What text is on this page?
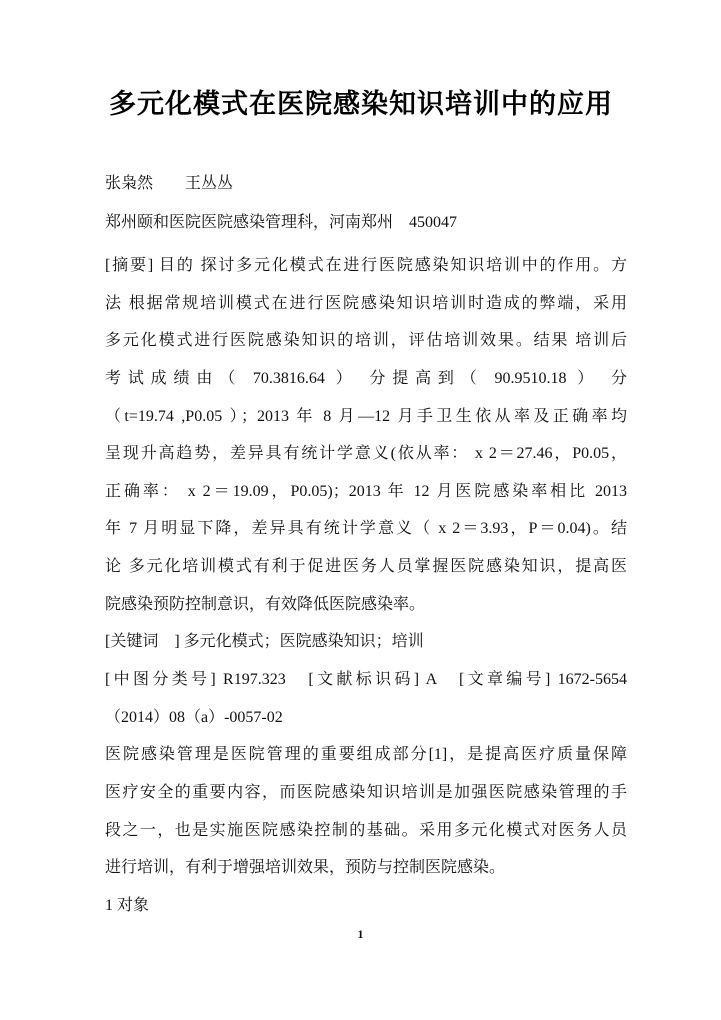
多元化模式在医院感染知识培训中的应用
张枭然　　王丛丛
郑州颐和医院医院感染管理科，河南郑州　450047
[摘要] 目的 探讨多元化模式在进行医院感染知识培训中的作用。方
法 根据常规培训模式在进行医院感染知识培训时造成的弊端，采用
多元化模式进行医院感染知识的培训，评估培训效果。结果 培训后
考试成绩由（ 70.3816.64 ） 分提高到（ 90.9510.18 ） 分
（t=19.74 ,P0.05 ）；2013 年 8 月—12 月手卫生依从率及正确率均
呈现升高趋势，差异具有统计学意义(依从率： x 2＝27.46，P0.05，
正确率： x 2＝19.09，P0.05)；2013 年 12 月医院感染率相比 2013
年 7 月明显下降，差异具有统计学意义（ x 2＝3.93，P＝0.04)。结
论 多元化培训模式有利于促进医务人员掌握医院感染知识，提高医
院感染预防控制意识，有效降低医院感染率。
[关键词　] 多元化模式；医院感染知识；培训
[中图分类号] R197.323　[文献标识码] A　[文章编号] 1672-5654
（2014）08（a）-0057-02
医院感染管理是医院管理的重要组成部分[1]，是提高医疗质量保障
医疗安全的重要内容，而医院感染知识培训是加强医院感染管理的手
段之一，也是实施医院感染控制的基础。采用多元化模式对医务人员
进行培训，有利于增强培训效果，预防与控制医院感染。
1 对象
1
